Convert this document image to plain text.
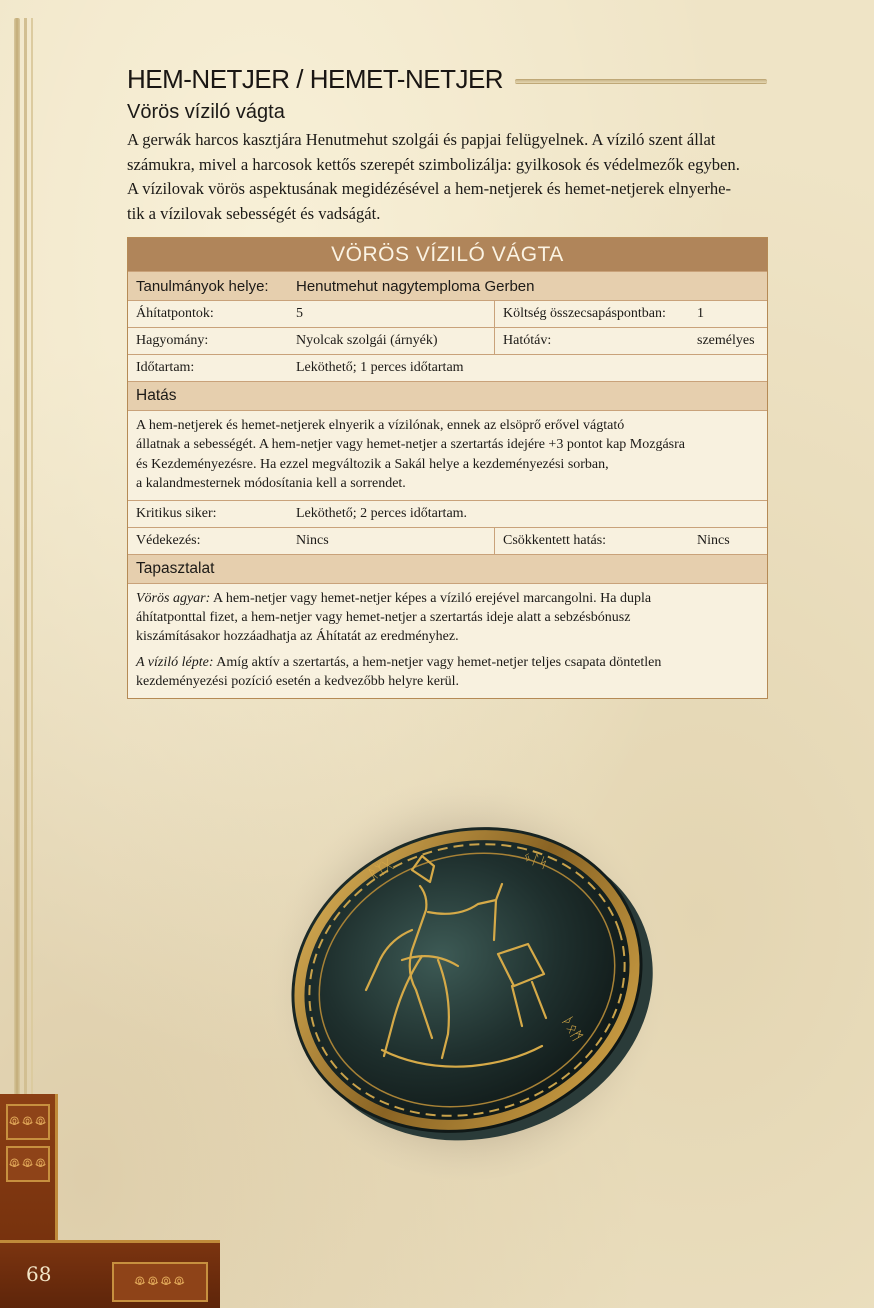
ꖘꖘꖘ
ꖘꖘꖘ
ꖘꖘꖘꖘ
68
HEM-NETJER / HEMET-NETJER
Vörös víziló vágta
A gerwák harcos kasztjára Henutmehut szolgái és papjai felügyelnek. A víziló szent állat
számukra, mivel a harcosok kettős szerepét szimbolizálja: gyilkosok és védelmezők egyben.
A vízilovak vörös aspektusának megidézésével a hem-netjerek és hemet-netjerek elnyerhe-
tik a vízilovak sebességét és vadságát.
VÖRÖS VÍZILÓ VÁGTA
Tanulmányok helye:	Henutmehut nagytemploma Gerben
Áhítatpontok:	5	Költség összecsapáspontban:	1
Hagyomány:	Nyolcak szolgái (árnyék)	Hatótáv:	személyes
Időtartam:	Leköthető; 1 perces időtartam
Hatás
A hem-netjerek és hemet-netjerek elnyerik a vízilónak, ennek az elsöprő erővel vágtató
állatnak a sebességét. A hem-netjer vagy hemet-netjer a szertartás idejére +3 pontot kap Mozgásra
és Kezdeményezésre. Ha ezzel megváltozik a Sakál helye a kezdeményezési sorban,
a kalandmesternek módosítania kell a sorrendet.
Kritikus siker:	Leköthető; 2 perces időtartam.
Védekezés:	Nincs	Csökkentett hatás:	Nincs
Tapasztalat

Vörös agyar: A hem-netjer vagy hemet-netjer képes a víziló erejével marcangolni. Ha dupla
áhítatponttal fizet, a hem-netjer vagy hemet-netjer a szertartás ideje alatt a sebzésbónusz
kiszámításakor hozzáadhatja az Áhítatát az eredményhez.

A víziló lépte: Amíg aktív a szertartás, a hem-netjer vagy hemet-netjer teljes csapata döntetlen
kezdeményezési pozíció esetén a kedvezőbb helyre kerül.

ᚱᛉᚷ	ᛃᛚᛋ
ᚦᛟᛗ
